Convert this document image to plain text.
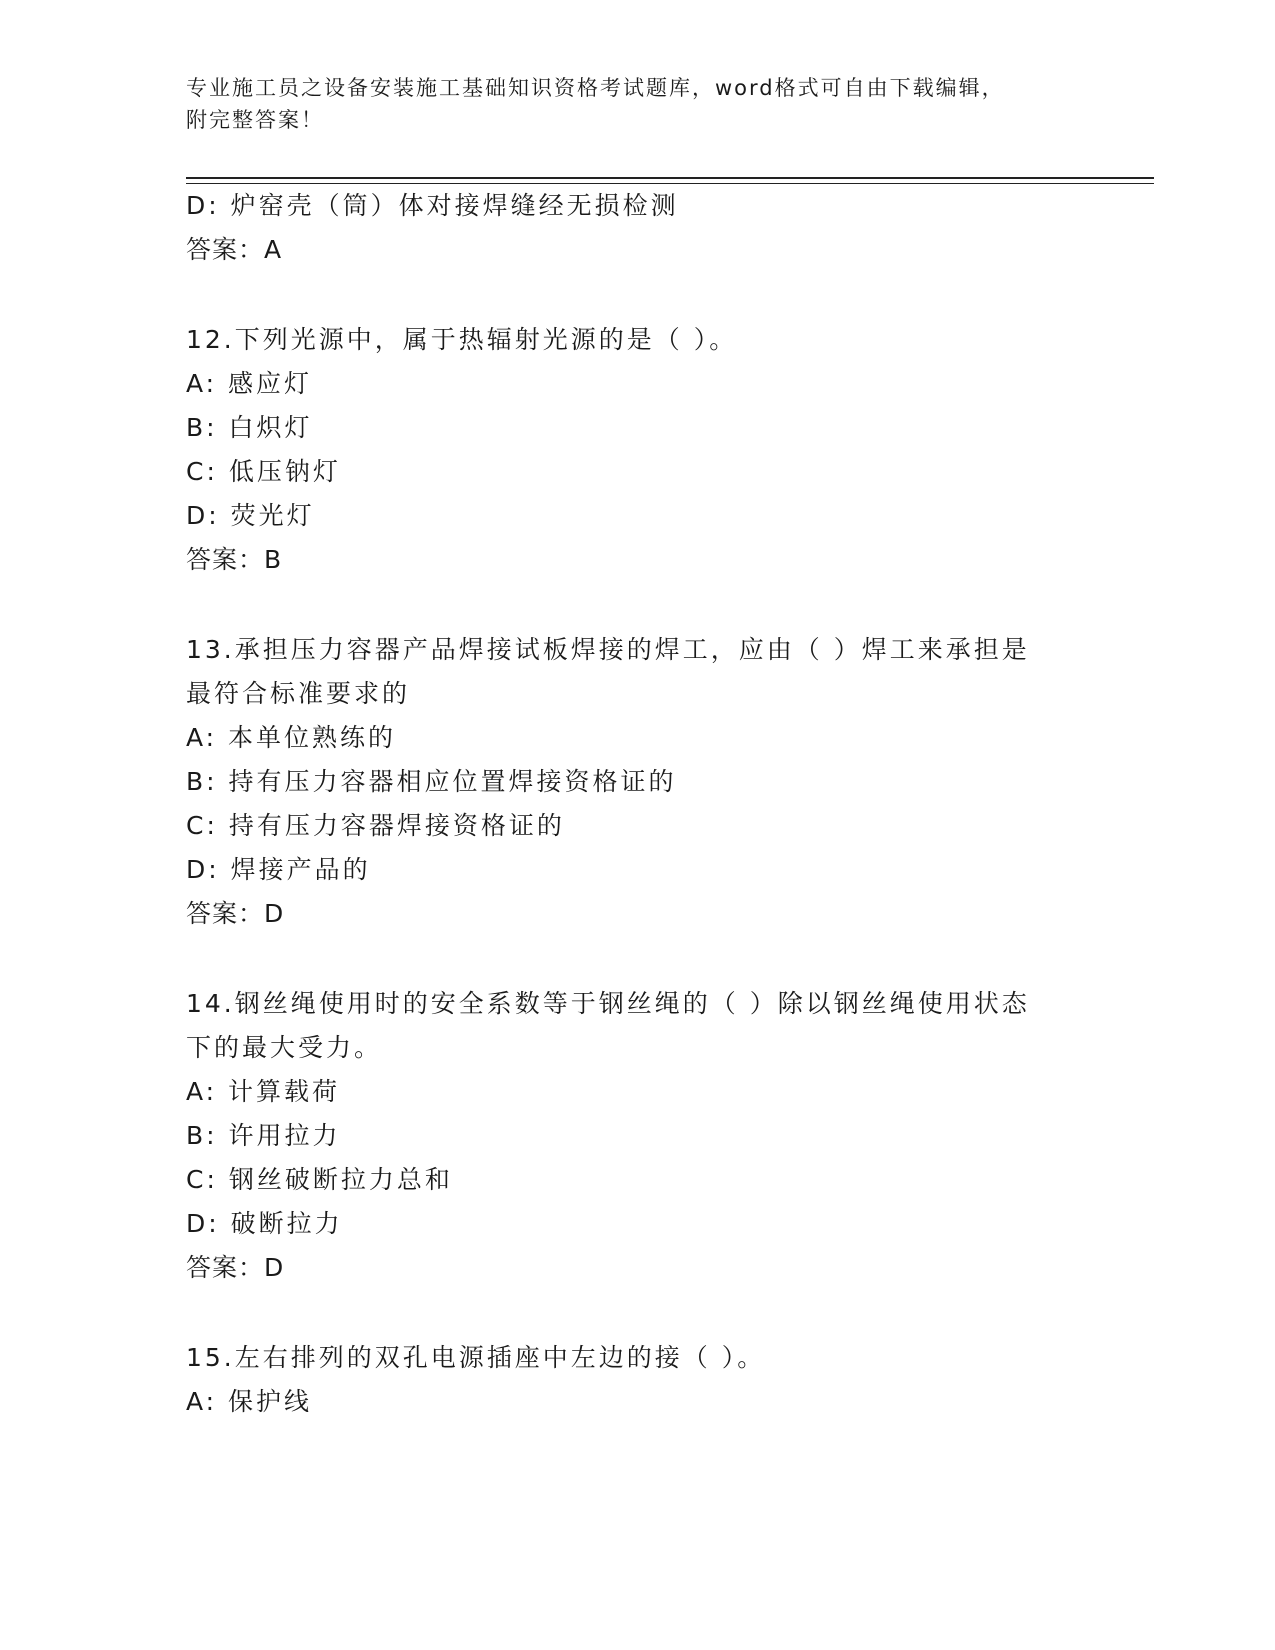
专业施工员之设备安装施工基础知识资格考试题库，word格式可自由下载编辑，
附完整答案！
D: 炉窑壳（筒）体对接焊缝经无损检测
答案：A
12.下列光源中，属于热辐射光源的是（ ）。
A: 感应灯
B: 白炽灯
C: 低压钠灯
D: 荧光灯
答案：B
13.承担压力容器产品焊接试板焊接的焊工，应由（ ）焊工来承担是
最符合标准要求的
A: 本单位熟练的
B: 持有压力容器相应位置焊接资格证的
C: 持有压力容器焊接资格证的
D: 焊接产品的
答案：D
14.钢丝绳使用时的安全系数等于钢丝绳的（ ）除以钢丝绳使用状态
下的最大受力。
A: 计算载荷
B: 许用拉力
C: 钢丝破断拉力总和
D: 破断拉力
答案：D
15.左右排列的双孔电源插座中左边的接（ ）。
A: 保护线
